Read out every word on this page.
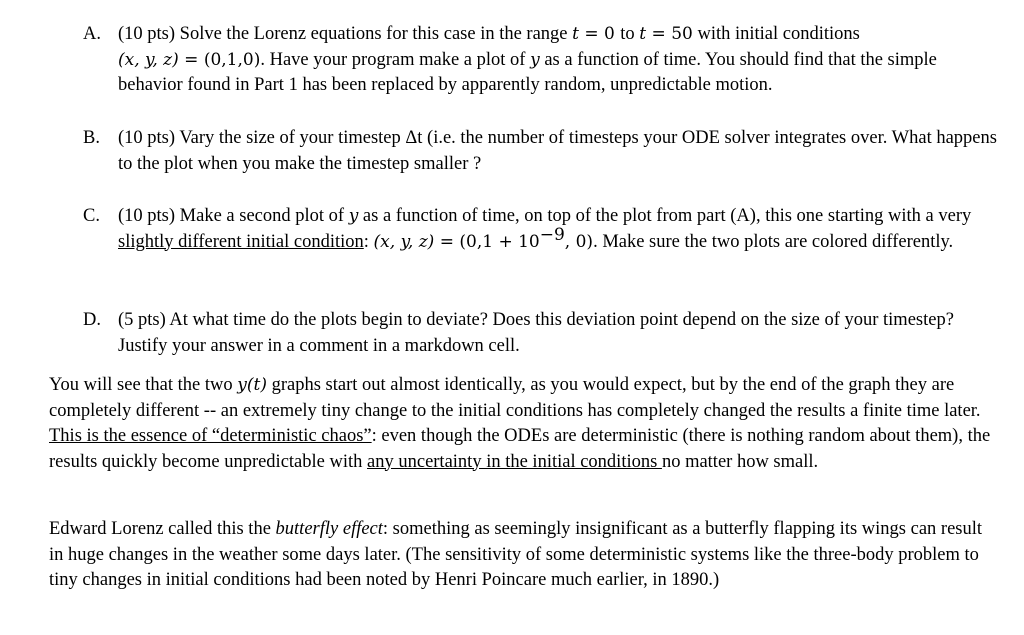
A. (10 pts) Solve the Lorenz equations for this case in the range t = 0 to t = 50 with initial conditions
(x, y, z) = (0,1,0). Have your program make a plot of y as a function of time. You should find that the simple behavior found in Part 1 has been replaced by apparently random, unpredictable motion.
B. (10 pts) Vary the size of your timestep Δt (i.e. the number of timesteps your ODE solver integrates over. What happens to the plot when you make the timestep smaller ?
C. (10 pts) Make a second plot of y as a function of time, on top of the plot from part (A), this one starting with a very slightly different initial condition: (x, y, $z) = (0,1 + 10^{-9}$, 0). Make sure the two plots are colored differently.
D. (5 pts) At what time do the plots begin to deviate? Does this deviation point depend on the size of your timestep? Justify your answer in a comment in a markdown cell.
You will see that the two y(t) graphs start out almost identically, as you would expect, but by the end of the graph they are completely different -- an extremely tiny change to the initial conditions has completely changed the results a finite time later. This is the essence of “deterministic chaos”: even though the ODEs are deterministic (there is nothing random about them), the results quickly become unpredictable with any uncertainty in the initial conditions no matter how small.
Edward Lorenz called this the butterfly effect: something as seemingly insignificant as a butterfly flapping its wings can result in huge changes in the weather some days later. (The sensitivity of some deterministic systems like the three-body problem to tiny changes in initial conditions had been noted by Henri Poincare much earlier, in 1890.)
